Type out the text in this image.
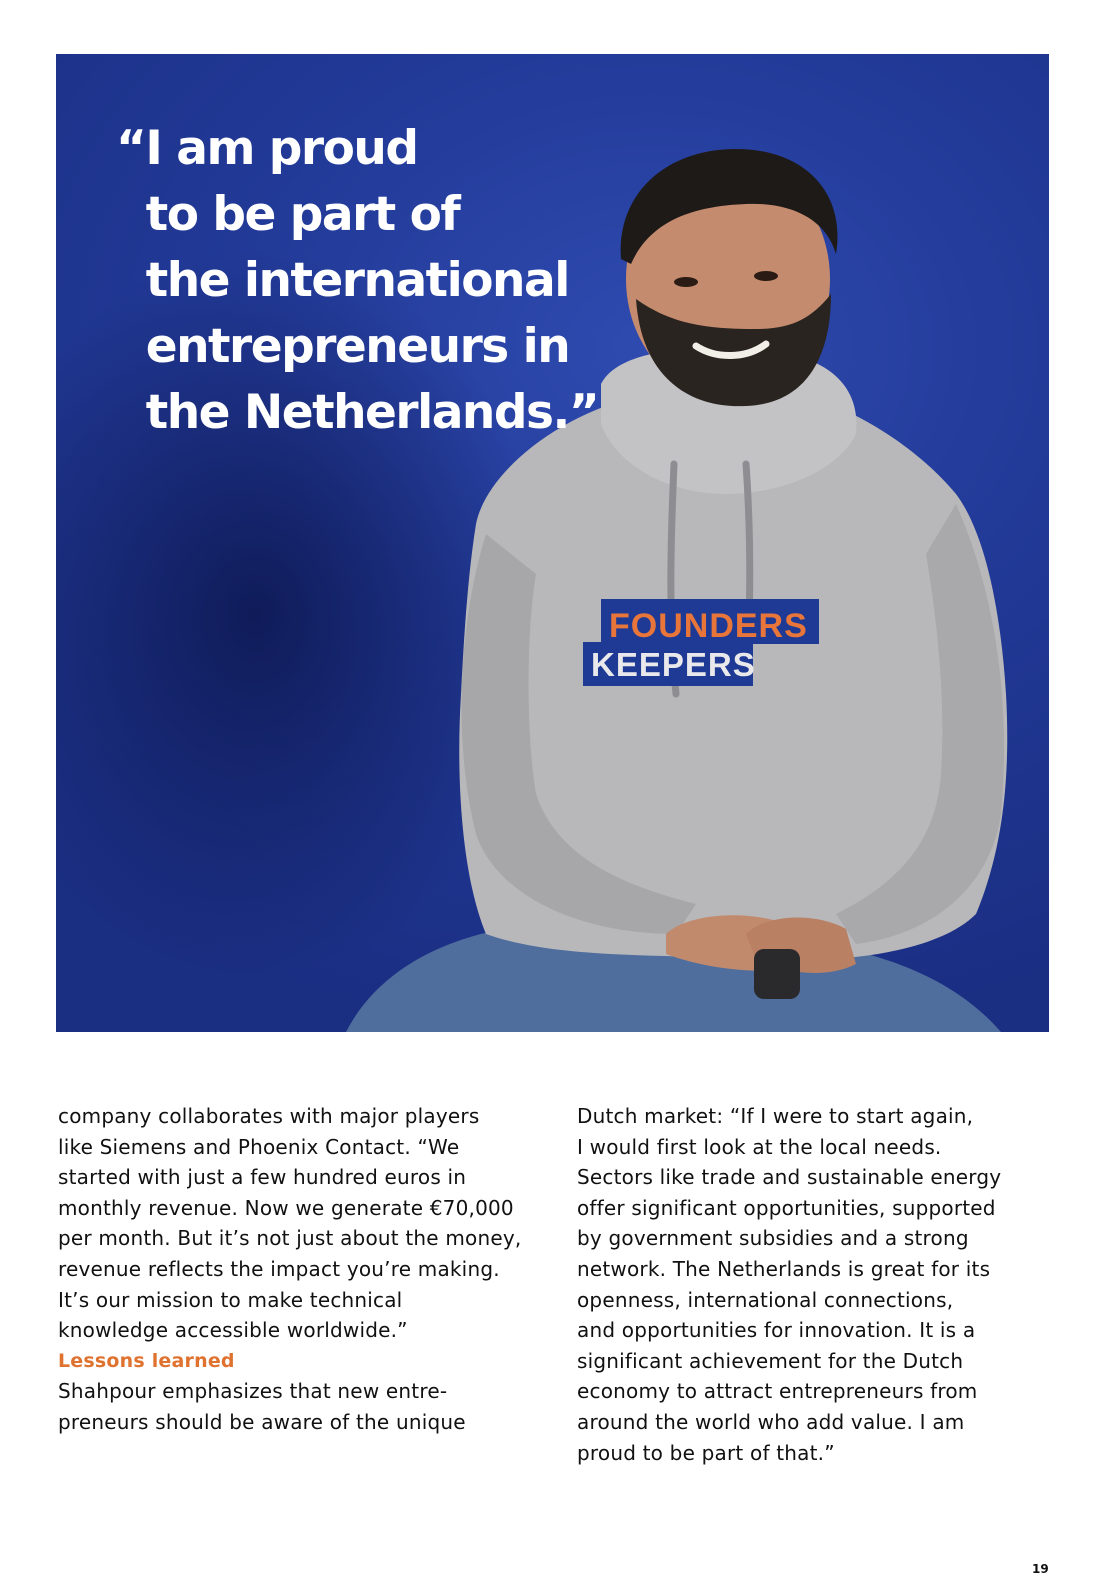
FOUNDERS
KEEPERS

“I am proud
to be part of
the international
entrepreneurs in
the Netherlands.”

company collaborates with major players
like Siemens and Phoenix Contact. “We
started with just a few hundred euros in
monthly revenue. Now we generate €70,000
per month. But it’s not just about the money,
revenue reflects the impact you’re making.
It’s our mission to make technical
knowledge accessible worldwide.”

Lessons learned

Shahpour emphasizes that new entre-
preneurs should be aware of the unique

Dutch market: “If I were to start again,
I would first look at the local needs.
Sectors like trade and sustainable energy
offer significant opportunities, supported
by government subsidies and a strong
network. The Netherlands is great for its
openness, international connections,
and opportunities for innovation. It is a
significant achievement for the Dutch
economy to attract entrepreneurs from
around the world who add value. I am
proud to be part of that.”

19
